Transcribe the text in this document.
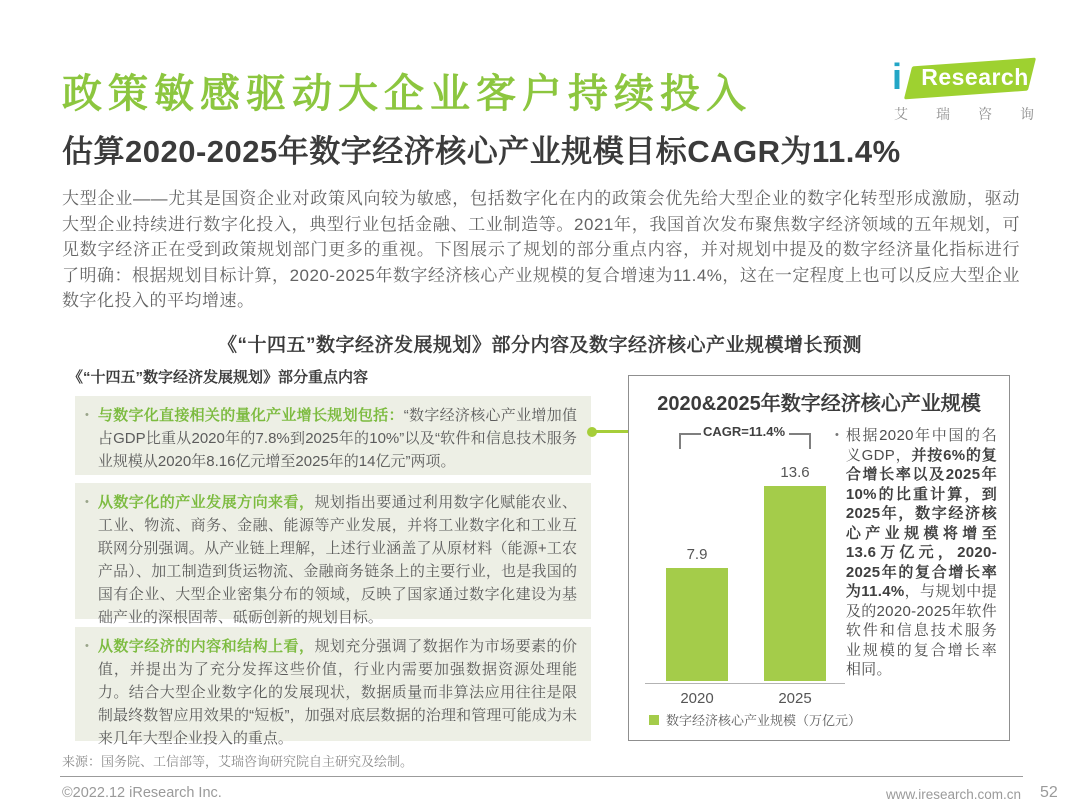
政策敏感驱动大企业客户持续投入	Research
i
艾 瑞 咨 询
估算2020-2025年数字经济核心产业规模目标CAGR为11.4%
大型企业——尤其是国资企业对政策风向较为敏感，包括数字化在内的政策会优先给大型企业的数字化转型形成激励，驱动大型企业持续进行数字化投入，典型行业包括金融、工业制造等。2021年，我国首次发布聚焦数字经济领域的五年规划，可见数字经济正在受到政策规划部门更多的重视。下图展示了规划的部分重点内容，并对规划中提及的数字经济量化指标进行了明确：根据规划目标计算，2020-2025年数字经济核心产业规模的复合增速为11.4%，这在一定程度上也可以反应大型企业数字化投入的平均增速。
《“十四五”数字经济发展规划》部分内容及数字经济核心产业规模增长预测
《“十四五”数字经济发展规划》部分重点内容
• 与数字化直接相关的量化产业增长规划包括：“数字经济核心产业增加值占GDP比重从2020年的7.8%到2025年的10%”以及“软件和信息技术服务业规模从2020年8.16亿元增至2025年的14亿元”两项。

• 从数字化的产业发展方向来看，规划指出要通过利用数字化赋能农业、工业、物流、商务、金融、能源等产业发展，并将工业数字化和工业互联网分别强调。从产业链上理解，上述行业涵盖了从原材料（能源+工农产品）、加工制造到货运物流、金融商务链条上的主要行业，也是我国的国有企业、大型企业密集分布的领域，反映了国家通过数字化建设为基础产业的深根固蒂、砥砺创新的规划目标。

• 从数字经济的内容和结构上看，规划充分强调了数据作为市场要素的价值，并提出为了充分发挥这些价值，行业内需要加强数据资源处理能力。结合大型企业数字化的发展现状，数据质量而非算法应用往往是限制最终数智应用效果的“短板”，加强对底层数据的治理和管理可能成为未来几年大型企业投入的重点。

2020&2025年数字经济核心产业规模
CAGR=11.4%
7.9
2020
13.6
2025
数字经济核心产业规模（万亿元）
• 根据2020年中国的名义GDP，并按6%的复合增长率以及2025年10%的比重计算，到2025年，数字经济核心产业规模将增至13.6万亿元，2020-2025年的复合增长率为11.4%，与规划中提及的2020-2025年软件软件和信息技术服务业规模的复合增长率相同。

来源：国务院、工信部等，艾瑞咨询研究院自主研究及绘制。
©2022.12 iResearch Inc.	www.iresearch.com.cn 52
